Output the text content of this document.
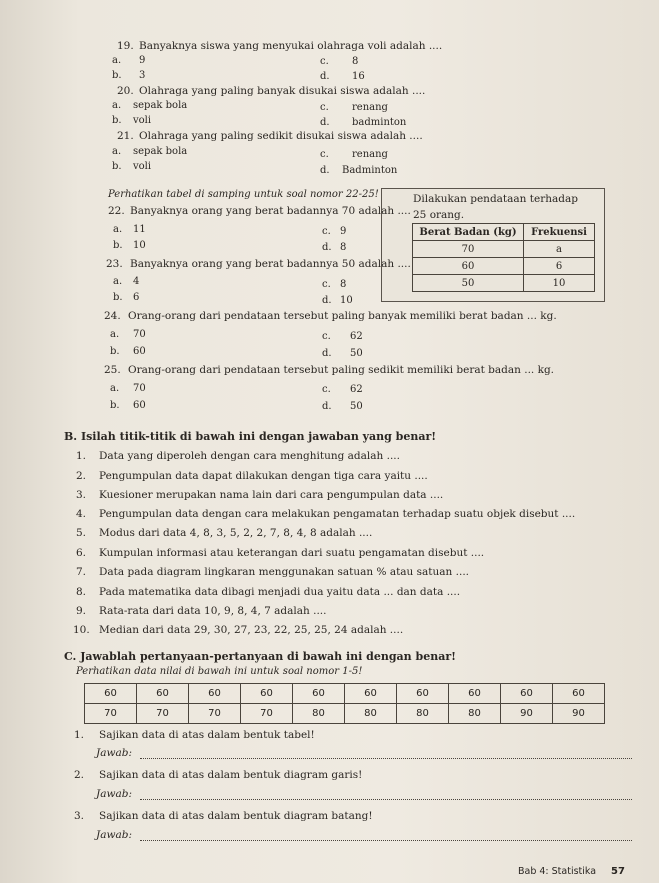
19. Banyaknya siswa yang menyukai olahraga voli adalah ....
a. 9	c. 8
b. 3	d. 16
20. Olahraga yang paling banyak disukai siswa adalah ....
a. sepak bola	c. renang
b. voli	d. badminton
21. Olahraga yang paling sedikit disukai siswa adalah ....
a. sepak bola	c. renang
b. voli	d. Badminton
Perhatikan tabel di samping untuk soal nomor 22-25!	Dilakukan pendataan terhadap
25 orang.
Berat Badan (kg)	Frekuensi
70	a
60	6
50	10
22. Banyaknya orang yang berat badannya 70 adalah ....
a. 11	c. 9
b. 10	d. 8
23. Banyaknya orang yang berat badannya 50 adalah ....
a. 4	c. 8
b. 6	d. 10
24. Orang-orang dari pendataan tersebut paling banyak memiliki berat badan ... kg.
a. 70	c. 62
b. 60	d. 50
25. Orang-orang dari pendataan tersebut paling sedikit memiliki berat badan ... kg.
a. 70	c. 62
b. 60	d. 50
B. Isilah titik-titik di bawah ini dengan jawaban yang benar!
1. Data yang diperoleh dengan cara menghitung adalah ....
2. Pengumpulan data dapat dilakukan dengan tiga cara yaitu ....
3. Kuesioner merupakan nama lain dari cara pengumpulan data ....
4. Pengumpulan data dengan cara melakukan pengamatan terhadap suatu objek disebut ....
5. Modus dari data 4, 8, 3, 5, 2, 2, 7, 8, 4, 8 adalah ....
6. Kumpulan informasi atau keterangan dari suatu pengamatan disebut ....
7. Data pada diagram lingkaran menggunakan satuan % atau satuan ....
8. Pada matematika data dibagi menjadi dua yaitu data ... dan data ....
9. Rata-rata dari data 10, 9, 8, 4, 7 adalah ....
10. Median dari data 29, 30, 27, 23, 22, 25, 25, 24 adalah ....
C. Jawablah pertanyaan-pertanyaan di bawah ini dengan benar!
Perhatikan data nilai di bawah ini untuk soal nomor 1-5!
60	60	60	60	60	60	60	60	60	60
70	70	70	70	80	80	80	80	90	90
1. Sajikan data di atas dalam bentuk tabel!
Jawab:
2. Sajikan data di atas dalam bentuk diagram garis!
Jawab:
3. Sajikan data di atas dalam bentuk diagram batang!
Jawab:
Bab 4: Statistika 57
